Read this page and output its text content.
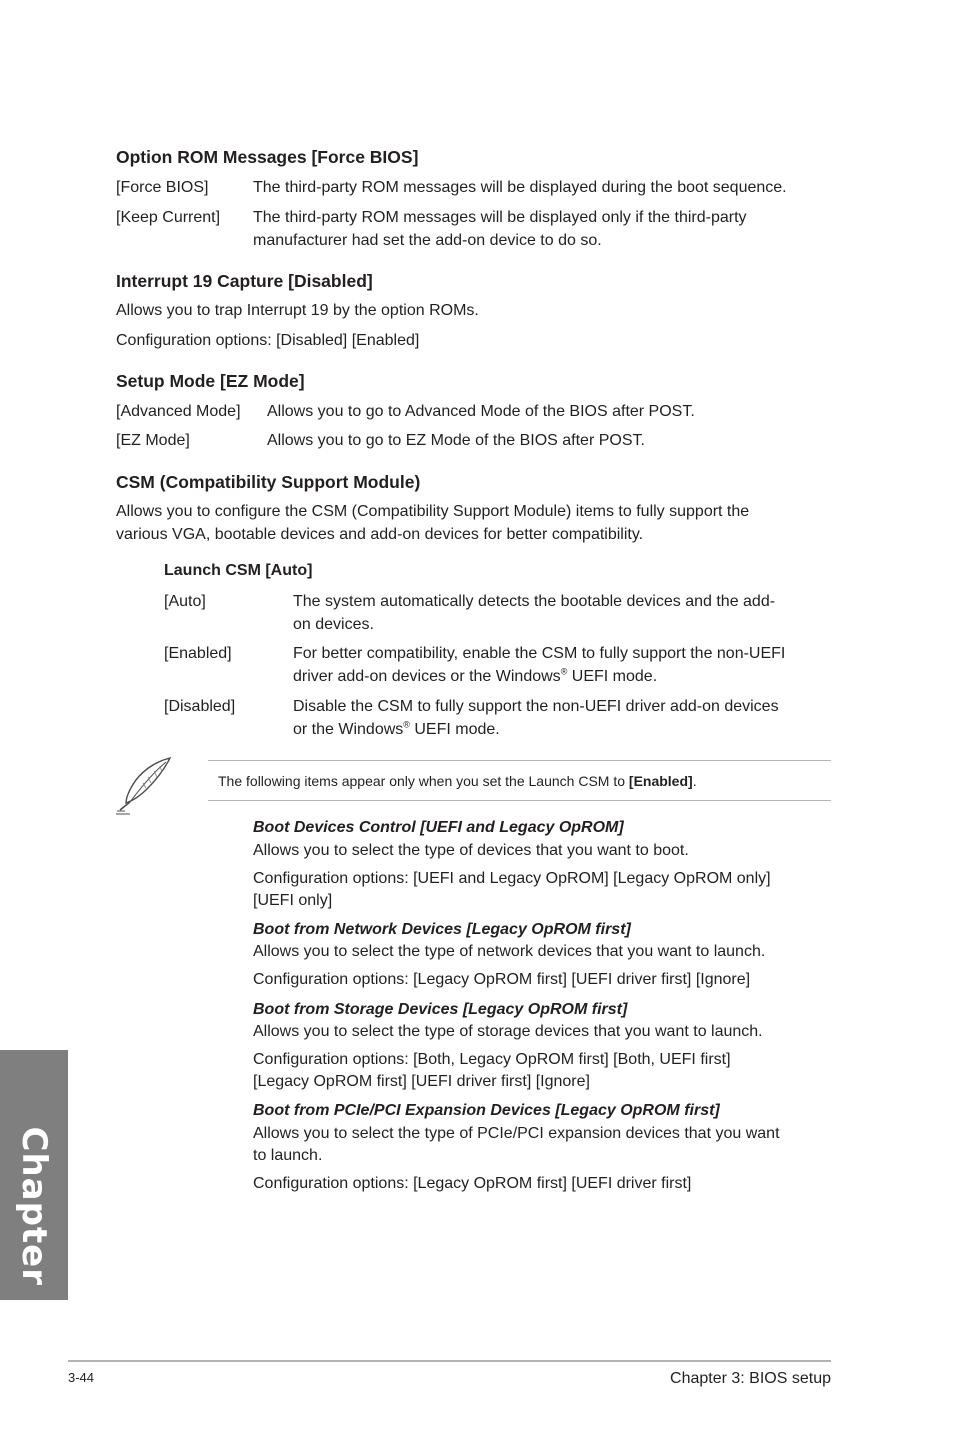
Option ROM Messages [Force BIOS]
[Force BIOS]	The third-party ROM messages will be displayed during the boot sequence.
[Keep Current] The third-party ROM messages will be displayed only if the third-party
manufacturer had set the add-on device to do so.
Interrupt 19 Capture [Disabled]
Allows you to trap Interrupt 19 by the option ROMs.
Configuration options: [Disabled] [Enabled]
Setup Mode [EZ Mode]
[Advanced Mode] Allows you to go to Advanced Mode of the BIOS after POST.
[EZ Mode]	Allows you to go to EZ Mode of the BIOS after POST.
CSM (Compatibility Support Module)
Allows you to configure the CSM (Compatibility Support Module) items to fully support the
various VGA, bootable devices and add-on devices for better compatibility.
Launch CSM [Auto]
[Auto]	The system automatically detects the bootable devices and the add-
on devices.
[Enabled]	For better compatibility, enable the CSM to fully support the non-UEFI
driver add-on devices or the Windows® UEFI mode.
[Disabled]	Disable the CSM to fully support the non-UEFI driver add-on devices
or the Windows® UEFI mode.
The following items appear only when you set the Launch CSM to [Enabled].
Boot Devices Control [UEFI and Legacy OpROM]
Allows you to select the type of devices that you want to boot.
Configuration options: [UEFI and Legacy OpROM] [Legacy OpROM only]
[UEFI only]
Boot from Network Devices [Legacy OpROM first]
Allows you to select the type of network devices that you want to launch.
Configuration options: [Legacy OpROM first] [UEFI driver first] [Ignore]
Boot from Storage Devices [Legacy OpROM first]
Allows you to select the type of storage devices that you want to launch.
Configuration options: [Both, Legacy OpROM first] [Both, UEFI first]
[Legacy OpROM first] [UEFI driver first] [Ignore]
Boot from PCIe/PCI Expansion Devices [Legacy OpROM first]
Allows you to select the type of PCIe/PCI expansion devices that you want
to launch.
Configuration options: [Legacy OpROM first] [UEFI driver first]
Chapter 3
3-44	Chapter 3: BIOS setup
